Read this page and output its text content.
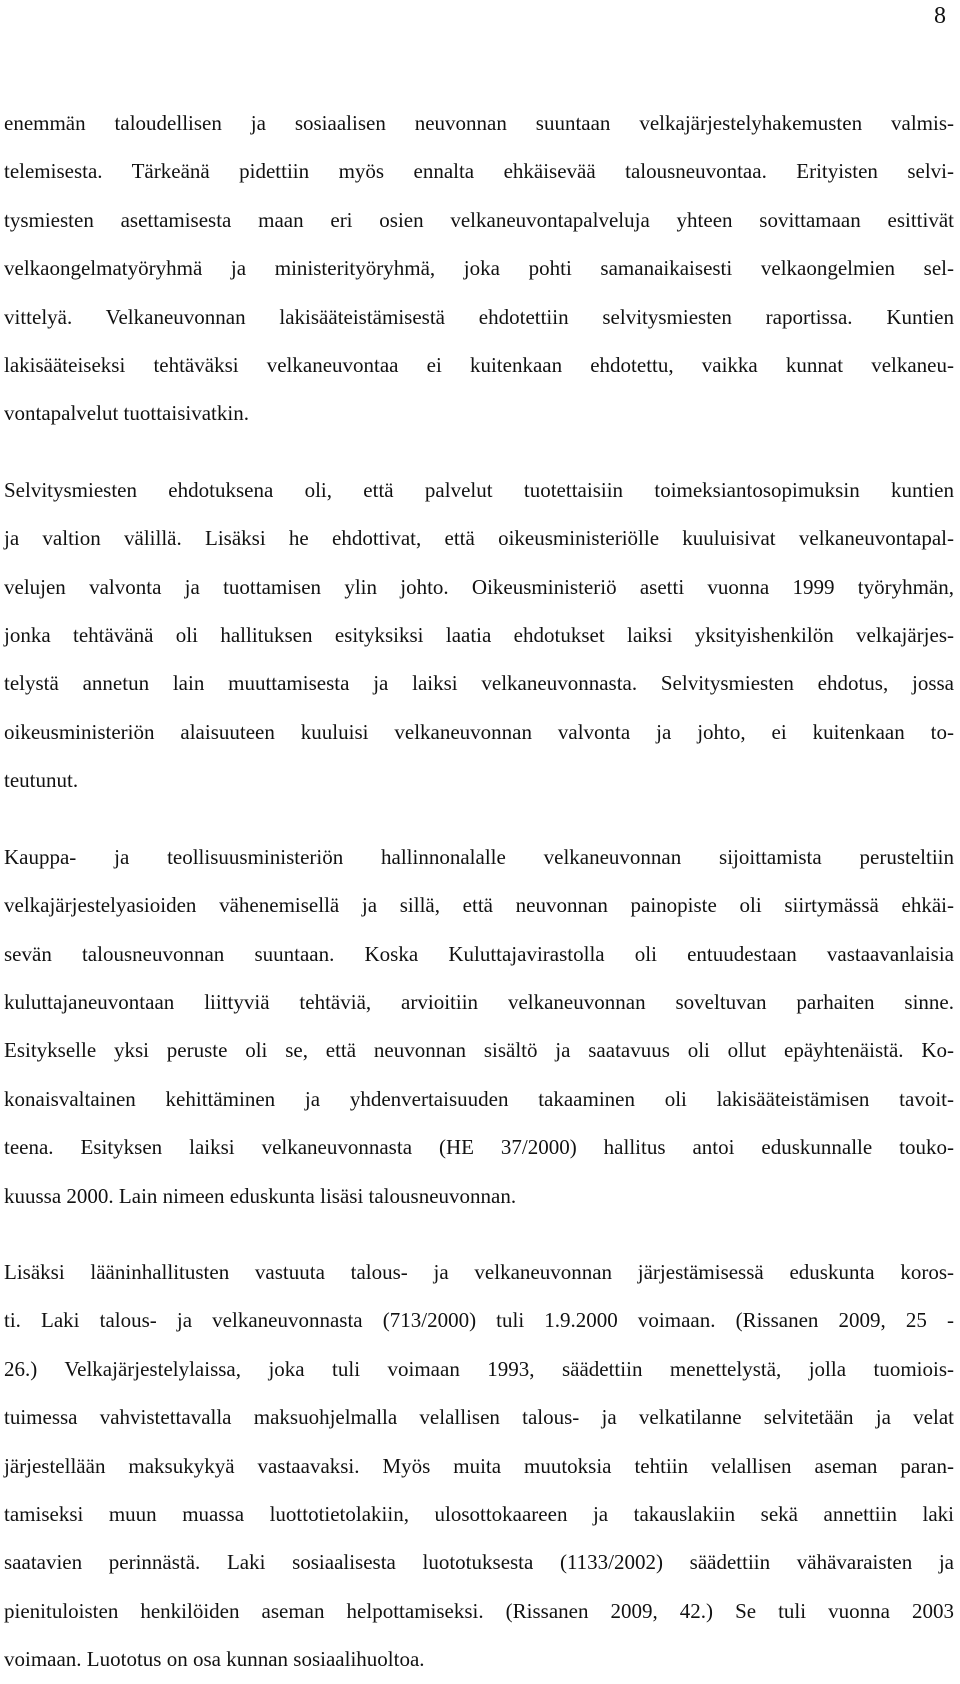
8

enemmän taloudellisen ja sosiaalisen neuvonnan suuntaan velkajärjestelyhakemusten valmis-
telemisesta. Tärkeänä pidettiin myös ennalta ehkäisevää talousneuvontaa. Erityisten selvi-
tysmiesten asettamisesta maan eri osien velkaneuvontapalveluja yhteen sovittamaan esittivät
velkaongelmatyöryhmä ja ministerityöryhmä, joka pohti samanaikaisesti velkaongelmien sel-
vittelyä. Velkaneuvonnan lakisääteistämisestä ehdotettiin selvitysmiesten raportissa. Kuntien
lakisääteiseksi tehtäväksi velkaneuvontaa ei kuitenkaan ehdotettu, vaikka kunnat velkaneu-
vontapalvelut tuottaisivatkin.

Selvitysmiesten ehdotuksena oli, että palvelut tuotettaisiin toimeksiantosopimuksin kuntien
ja valtion välillä. Lisäksi he ehdottivat, että oikeusministeriölle kuuluisivat velkaneuvontapal-
velujen valvonta ja tuottamisen ylin johto. Oikeusministeriö asetti vuonna 1999 työryhmän,
jonka tehtävänä oli hallituksen esityksiksi laatia ehdotukset laiksi yksityishenkilön velkajärjes-
telystä annetun lain muuttamisesta ja laiksi velkaneuvonnasta. Selvitysmiesten ehdotus, jossa
oikeusministeriön alaisuuteen kuuluisi velkaneuvonnan valvonta ja johto, ei kuitenkaan to-
teutunut.

Kauppa- ja teollisuusministeriön hallinnonalalle velkaneuvonnan sijoittamista perusteltiin
velkajärjestelyasioiden vähenemisellä ja sillä, että neuvonnan painopiste oli siirtymässä ehkäi-
sevän talousneuvonnan suuntaan. Koska Kuluttajavirastolla oli entuudestaan vastaavanlaisia
kuluttajaneuvontaan liittyviä tehtäviä, arvioitiin velkaneuvonnan soveltuvan parhaiten sinne.
Esitykselle yksi peruste oli se, että neuvonnan sisältö ja saatavuus oli ollut epäyhtenäistä. Ko-
konaisvaltainen kehittäminen ja yhdenvertaisuuden takaaminen oli lakisääteistämisen tavoit-
teena. Esityksen laiksi velkaneuvonnasta (HE 37/2000) hallitus antoi eduskunnalle touko-
kuussa 2000. Lain nimeen eduskunta lisäsi talousneuvonnan.

Lisäksi lääninhallitusten vastuuta talous- ja velkaneuvonnan järjestämisessä eduskunta koros-
ti. Laki talous- ja velkaneuvonnasta (713/2000) tuli 1.9.2000 voimaan. (Rissanen 2009, 25 -
26.) Velkajärjestelylaissa, joka tuli voimaan 1993, säädettiin menettelystä, jolla tuomiois-
tuimessa vahvistettavalla maksuohjelmalla velallisen talous- ja velkatilanne selvitetään ja velat
järjestellään maksukykyä vastaavaksi. Myös muita muutoksia tehtiin velallisen aseman paran-
tamiseksi muun muassa luottotietolakiin, ulosottokaareen ja takauslakiin sekä annettiin laki
saatavien perinnästä. Laki sosiaalisesta luototuksesta (1133/2002) säädettiin vähävaraisten ja
pienituloisten henkilöiden aseman helpottamiseksi. (Rissanen 2009, 42.) Se tuli vuonna 2003
voimaan. Luototus on osa kunnan sosiaalihuoltoa.
